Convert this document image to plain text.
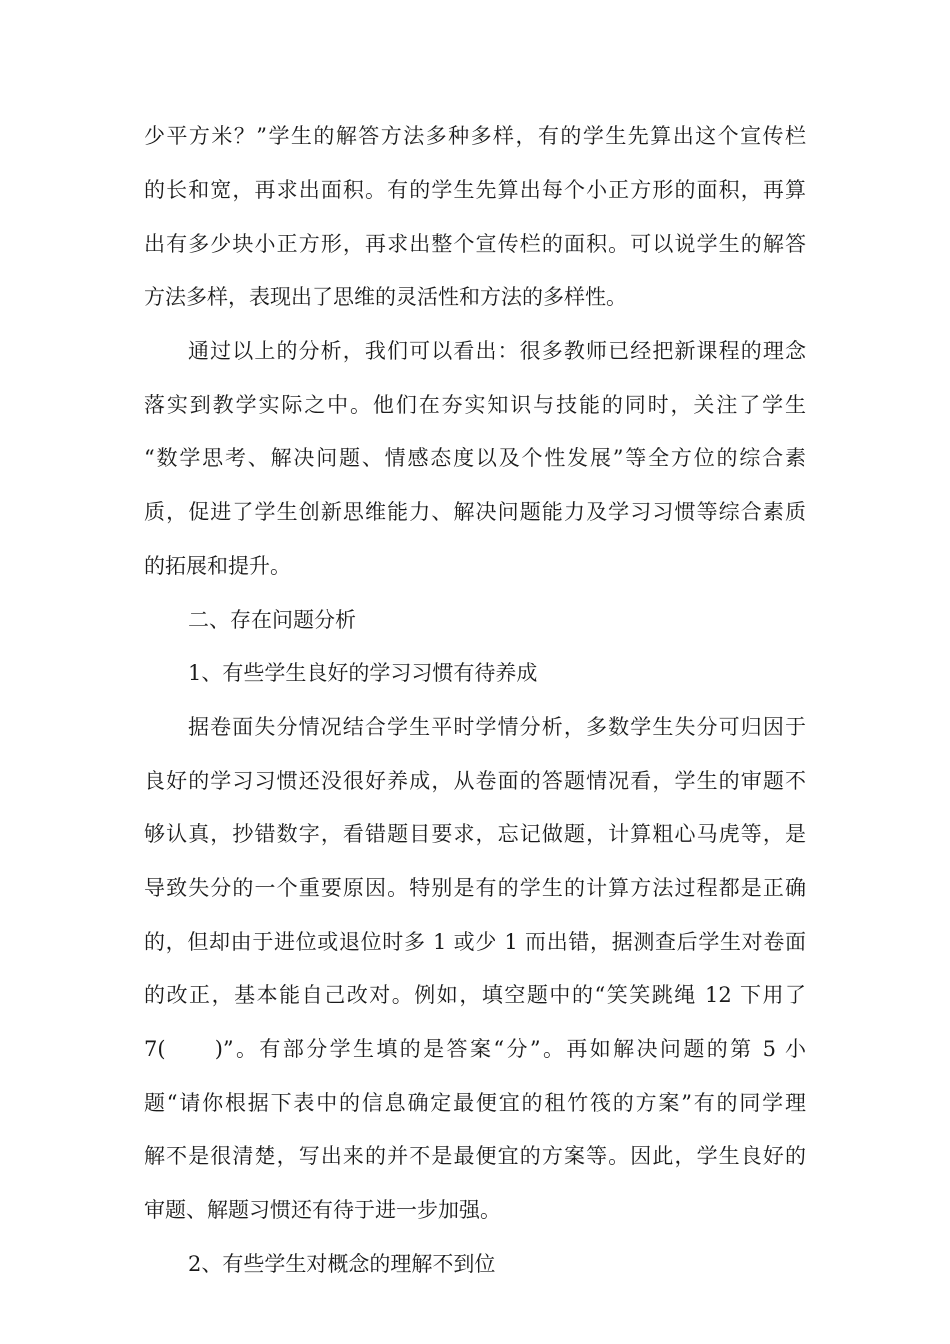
少平方米？”学生的解答方法多种多样，有的学生先算出这个宣传栏
的长和宽，再求出面积。有的学生先算出每个小正方形的面积，再算
出有多少块小正方形，再求出整个宣传栏的面积。可以说学生的解答
方法多样，表现出了思维的灵活性和方法的多样性。
通过以上的分析，我们可以看出：很多教师已经把新课程的理念
落实到教学实际之中。他们在夯实知识与技能的同时，关注了学生
“数学思考、解决问题、情感态度以及个性发展”等全方位的综合素
质，促进了学生创新思维能力、解决问题能力及学习习惯等综合素质
的拓展和提升。
二、存在问题分析
1、有些学生良好的学习习惯有待养成
据卷面失分情况结合学生平时学情分析，多数学生失分可归因于
良好的学习习惯还没很好养成，从卷面的答题情况看，学生的审题不
够认真，抄错数字，看错题目要求，忘记做题，计算粗心马虎等，是
导致失分的一个重要原因。特别是有的学生的计算方法过程都是正确
的，但却由于进位或退位时多 1 或少 1 而出错，据测查后学生对卷面
的改正，基本能自己改对。例如，填空题中的“笑笑跳绳 12 下用了
7(　　)”。有部分学生填的是答案“分”。再如解决问题的第 5 小
题“请你根据下表中的信息确定最便宜的租竹筏的方案”有的同学理
解不是很清楚，写出来的并不是最便宜的方案等。因此，学生良好的
审题、解题习惯还有待于进一步加强。
2、有些学生对概念的理解不到位
